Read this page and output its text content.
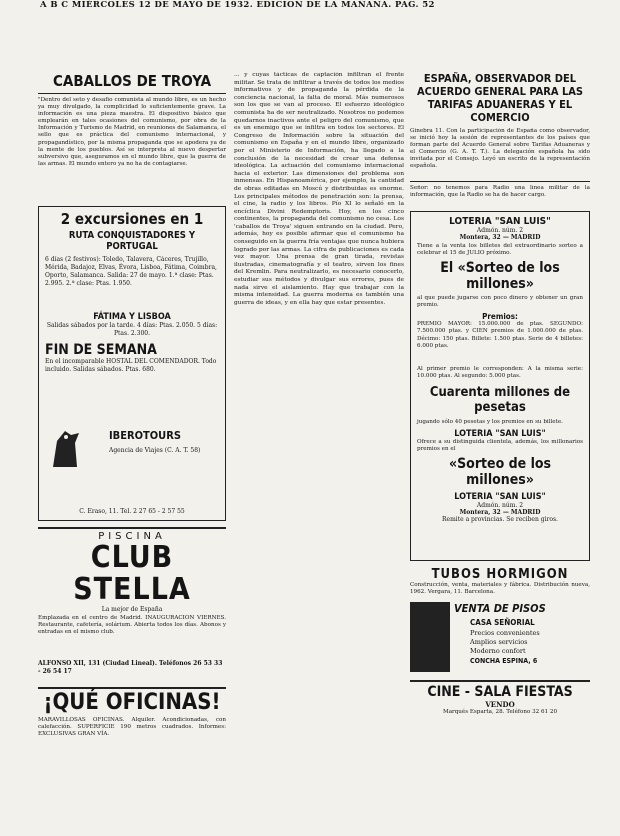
A B C MIÉRCOLES 12 DE MAYO DE 1932. EDICION DE LA MAÑANA. PAG. 52
CABALLOS DE TROYA

"Dentro del seto y desafío comunista al mundo libre, es un hecho ya muy divulgado, la complicidad lo suficientemente grave. La información es una pieza maestra. El dispositivo básico que emplearán en tales ocasiones del comunismo, por obra de la Información y Turismo de Madrid, en reuniones de Salamanca, el sello que es práctica del comunismo internacional, y propagandístico, por la misma propaganda que se apodera ya de la mente de los pueblos. Así se interpreta al nuevo despertar subversivo que, aseguramos en el mundo libre, que la guerra de las armas. El mundo entero ya no ha de contagiarse.

2 excursiones en 1
RUTA CONQUISTADORES Y PORTUGAL

6 días (2 festivos): Toledo, Talavera, Cáceres, Trujillo, Mérida, Badajoz, Elvas, Évora, Lisboa, Fátima, Coimbra, Oporto, Salamanca. Salida: 27 de mayo. 1.ª clase: Ptas. 2.995. 2.ª clase: Ptas. 1.950.

FÁTIMA Y LISBOA

Salidas sábados por la tarde. 4 días: Ptas. 2.050. 5 días: Ptas. 2.300.

FIN DE SEMANA

En el incomparable HOSTAL DEL COMENDADOR. Todo incluido. Salidas sábados. Ptas. 680.

IBEROTOURS

Agencia de Viajes (C. A. T. 58)

C. Eraso, 11. Tel. 2 27 65 - 2 57 55

PISCINA
CLUB STELLA
La mejor de España

Emplazada en el centro de Madrid. INAUGURACIÓN VIERNES. Restaurante, cafetería, solárium. Abierta todos los días. Abonos y entradas en el mismo club.

ALFONSO XII, 131 (Ciudad Lineal). Teléfonos 26 53 33 - 26 54 17

¡QUÉ OFICINAS!

MARAVILLOSAS OFICINAS. Alquiler. Acondicionadas, con calefacción. SUPERFICIE 190 metros cuadrados. Informes: EXCLUSIVAS GRAN VÍA.

... y cuyas tácticas de captación infiltran el frente militar. Se trata de infiltrar a través de todos los medios informativos y de propaganda la pérdida de la conciencia nacional, la falta de moral. Más numerosos son los que se van al proceso. El esfuerzo ideológico comunista ha de ser neutralizado. Nosotros no podemos quedarnos inactivos ante el peligro del comunismo, que es un enemigo que se infiltra en todos los sectores. El Congreso de Información sobre la situación del comunismo en España y en el mundo libre, organizado por el Ministerio de Información, ha llegado a la conclusión de la necesidad de crear una defensa ideológica. La actuación del comunismo internacional hacia el exterior. Las dimensiones del problema son inmensas. En Hispanoamérica, por ejemplo, la cantidad de obras editadas en Moscú y distribuidas es enorme. Los principales métodos de penetración son: la prensa, el cine, la radio y los libros. Pío XI lo señaló en la encíclica Divini Redemptoris. Hoy, en los cinco continentes, la propaganda del comunismo no cesa. Los 'caballos de Troya' siguen entrando en la ciudad. Pero, además, hoy es posible afirmar que el comunismo ha conseguido en la guerra fría ventajas que nunca hubiera logrado por las armas. La cifra de publicaciones es cada vez mayor. Una prensa de gran tirada, revistas ilustradas, cinematografía y el teatro, sirven los fines del Kremlin. Para neutralizarlo, es necesario conocerlo, estudiar sus métodos y divulgar sus errores, pues de nada sirve el aislamiento. Hay que trabajar con la misma intensidad. La guerra moderna es también una guerra de ideas, y en ella hay que estar presentes.

ESPAÑA, OBSERVADOR DEL ACUERDO GENERAL PARA LAS TARIFAS ADUANERAS Y EL COMERCIO

Ginebra 11. Con la participación de España como observador, se inició hoy la sesión de representantes de los países que forman parte del Acuerdo General sobre Tarifas Aduaneras y el Comercio (G. A. T. T.). La delegación española ha sido invitada por el Consejo. Leyó un escrito de la representación española.

Señor: no tenemos para Radio una línea militar de la información, que la Radio se ha de hacer cargo.

LOTERIA "SAN LUIS"
Admón. núm. 2
Montera, 32 — MADRID

Tiene a la venta los billetes del extraordinario sorteo a celebrar el 15 de JULIO próximo.

El «Sorteo de los millones»

al que puede jugarse con poco dinero y obtener un gran premio.

Premios:

PREMIO MAYOR: 15.000.000 de ptas. SEGUNDO: 7.500.000 ptas. y CIEN premios de 1.000.000 de ptas. Décimo: 150 ptas. Billete: 1.500 ptas. Serie de 4 billetes: 6.000 ptas.

Al primer premio le corresponden: A la misma serie: 10.000 ptas. Al segundo: 5.000 ptas.

Cuarenta millones de pesetas

jugando sólo 40 pesetas y los premios en su billete.

LOTERIA "SAN LUIS"

Ofrece a su distinguida clientela, además, los millonarios premios en el

«Sorteo de los millones»
LOTERIA "SAN LUIS"
Admón. núm. 2
Montera, 32 — MADRID
Remite a provincias. Se reciben giros.
TUBOS HORMIGON

Construcción, venta, materiales y fábrica. Distribución nueva, 1962. Vergara, 11. Barcelona.

VENTA DE PISOS
CASA SEÑORIAL
Precios convenientes
Amplios servicios
Moderno confort
CONCHA ESPINA, 6
CINE - SALA FIESTAS
VENDO

Marqués Esparta, 28. Teléfono 32 61 20
